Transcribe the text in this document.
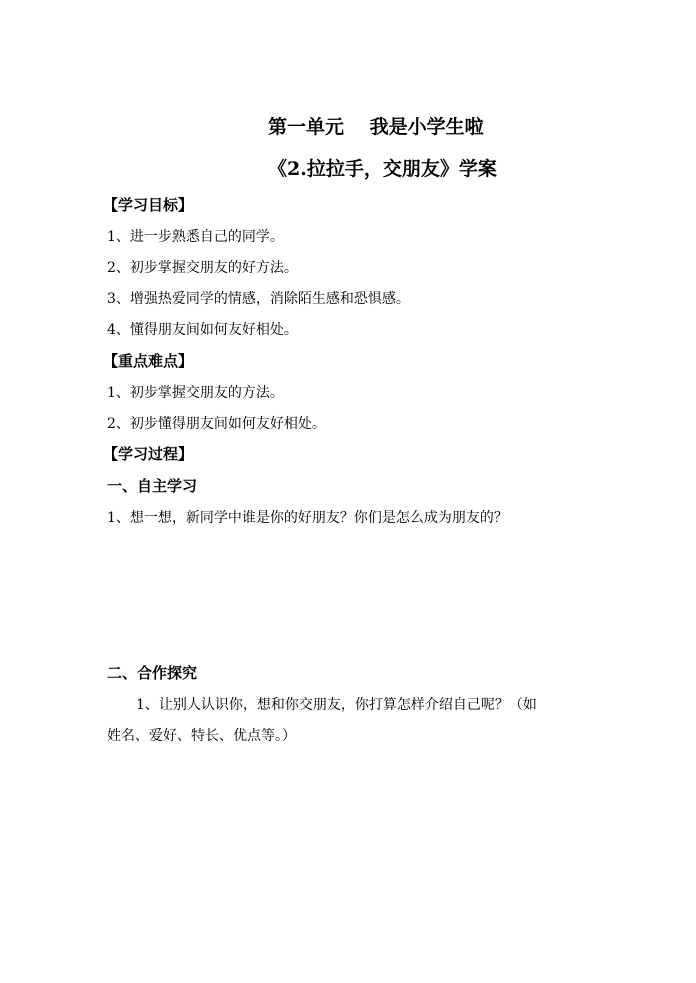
第一单元　 我是小学生啦
《2.拉拉手，交朋友》学案
【学习目标】
1、进一步熟悉自己的同学。
2、初步掌握交朋友的好方法。
3、增强热爱同学的情感，消除陌生感和恐惧感。
4、懂得朋友间如何友好相处。
【重点难点】
1、初步掌握交朋友的方法。
2、初步懂得朋友间如何友好相处。
【学习过程】
一、自主学习
1、想一想，新同学中谁是你的好朋友？你们是怎么成为朋友的？
二、合作探究
1、让别人认识你，想和你交朋友，你打算怎样介绍自己呢？（如
姓名、爱好、特长、优点等。）
